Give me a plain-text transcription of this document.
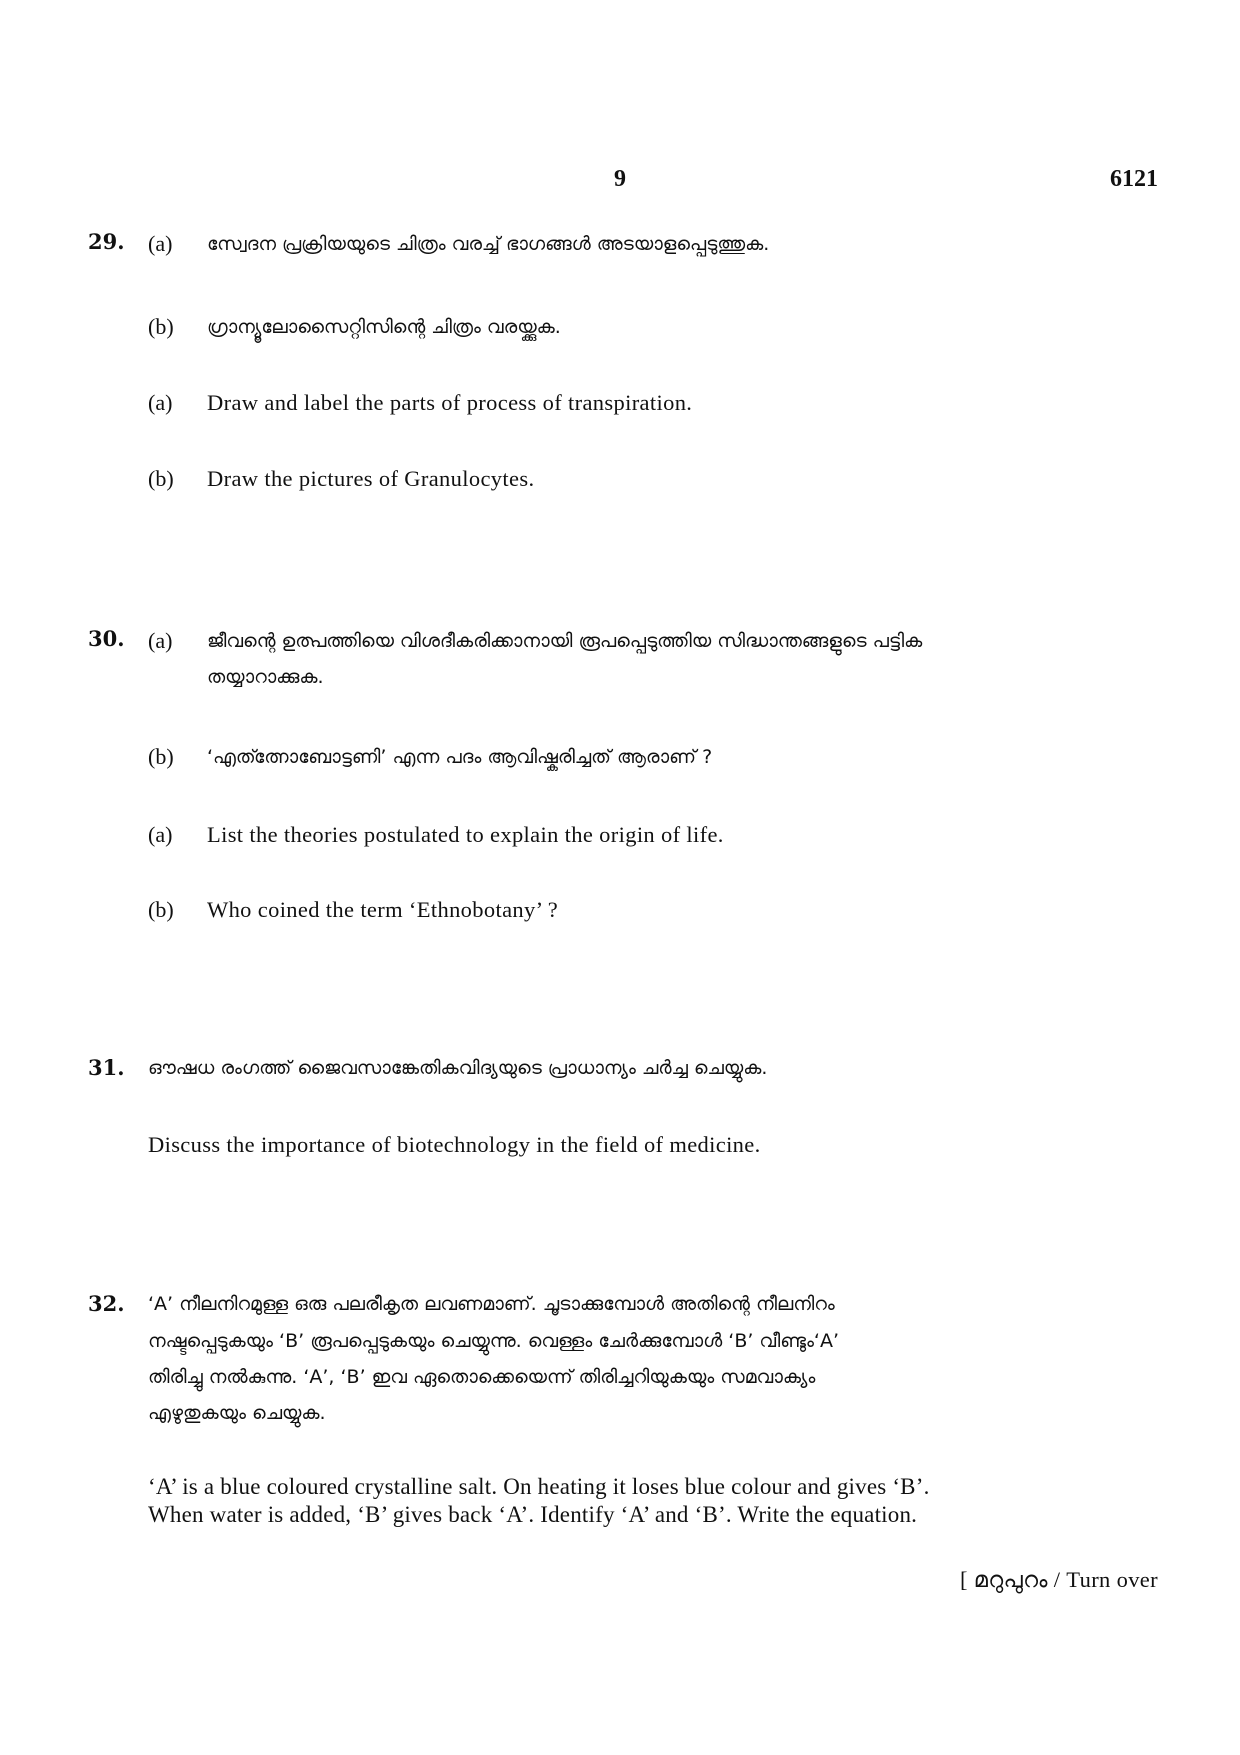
9	6121
29. (a) സ്വേദന പ്രക്രിയയുടെ ചിത്രം വരച്ച് ഭാഗങ്ങൾ അടയാളപ്പെടുത്തുക.
(b) ഗ്രാന്യൂലോസൈറ്റിസിന്റെ ചിത്രം വരയ്ക്കുക.
(a) Draw and label the parts of process of transpiration.
(b) Draw the pictures of Granulocytes.
30. (a) ജീവന്റെ ഉത്പത്തിയെ വിശദീകരിക്കാനായി രൂപപ്പെടുത്തിയ സിദ്ധാന്തങ്ങളുടെ പട്ടിക
തയ്യാറാക്കുക.
(b) ‘എത്ത്നോബോട്ടണി’ എന്ന പദം ആവിഷ്കരിച്ചത് ആരാണ് ?
(a) List the theories postulated to explain the origin of life.
(b) Who coined the term ‘Ethnobotany’ ?
31. ഔഷധ രംഗത്ത് ജൈവസാങ്കേതികവിദ്യയുടെ പ്രാധാന്യം ചർച്ച ചെയ്യുക.
Discuss the importance of biotechnology in the field of medicine.
32. ‘A’ നീലനിറമുള്ള ഒരു പലരീകൃത ലവണമാണ്. ചൂടാക്കുമ്പോൾ അതിന്റെ നീലനിറം
നഷ്ടപ്പെടുകയും ‘B’ രൂപപ്പെടുകയും ചെയ്യുന്നു. വെള്ളം ചേർക്കുമ്പോൾ ‘B’ വീണ്ടും‘A’
തിരിച്ചു നൽകുന്നു. ‘A’, ‘B’ ഇവ ഏതൊക്കെയെന്ന് തിരിച്ചറിയുകയും സമവാക്യം
എഴുതുകയും ചെയ്യുക.
‘A’ is a blue coloured crystalline salt. On heating it loses blue colour and gives ‘B’.
When water is added, ‘B’ gives back ‘A’. Identify ‘A’ and ‘B’. Write the equation.
[ മറുപുറം / Turn over
